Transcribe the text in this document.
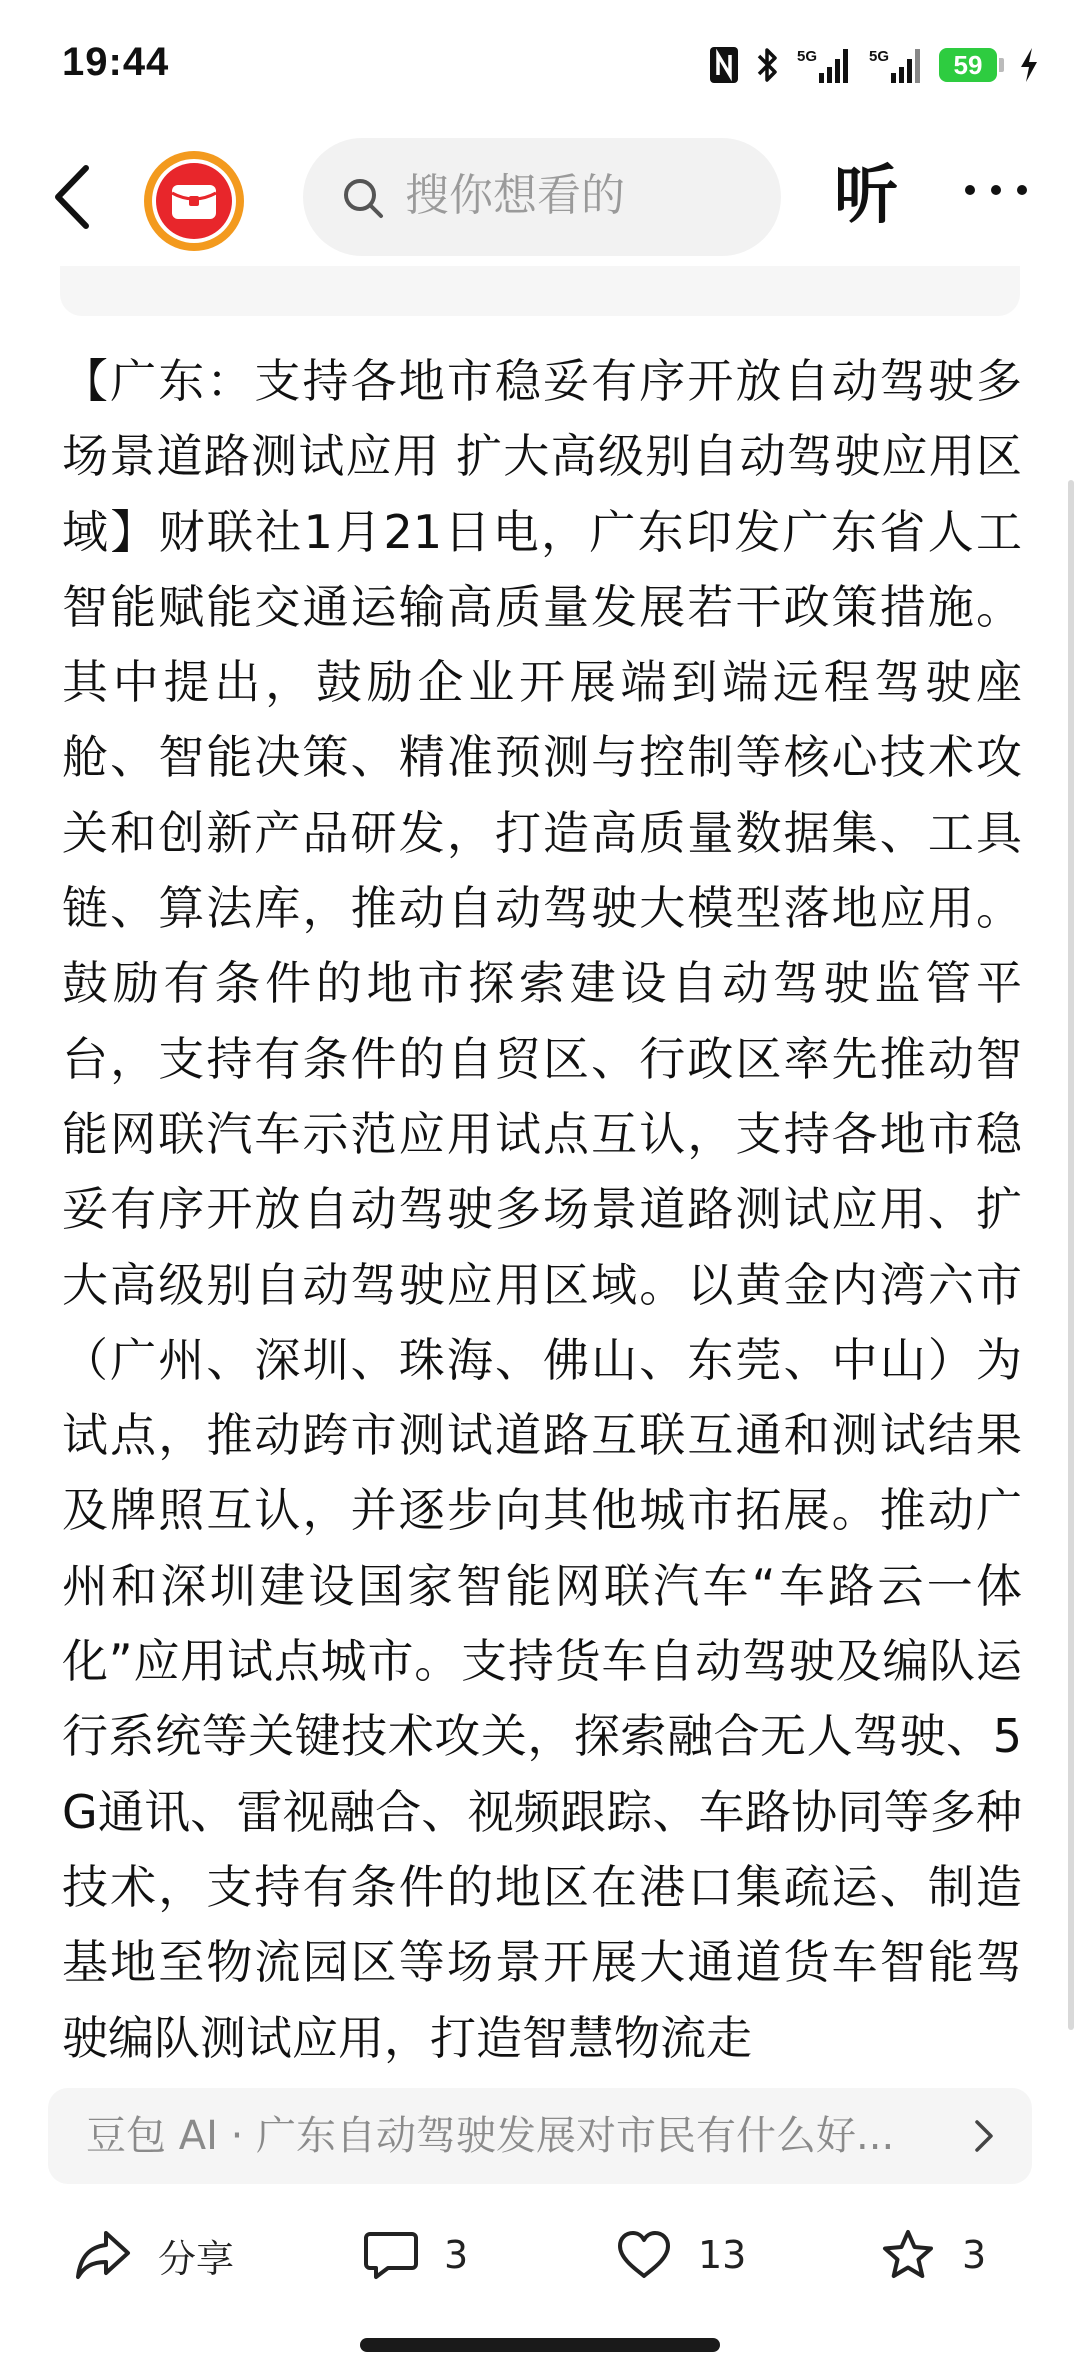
19:44	5G	5G	59
搜你想看的	听

【广东：支持各地市稳妥有序开放自动驾驶多场景道路测试应用 扩大高级别自动驾驶应用区域】财联社1月21日电，广东印发广东省人工智能赋能交通运输高质量发展若干政策措施。其中提出，鼓励企业开展端到端远程驾驶座舱、智能决策、精准预测与控制等核心技术攻关和创新产品研发，打造高质量数据集、工具链、算法库，推动自动驾驶大模型落地应用。鼓励有条件的地市探索建设自动驾驶监管平台，支持有条件的自贸区、行政区率先推动智能网联汽车示范应用试点互认，支持各地市稳妥有序开放自动驾驶多场景道路测试应用、扩大高级别自动驾驶应用区域。以黄金内湾六市（广州、深圳、珠海、佛山、东莞、中山）为试点，推动跨市测试道路互联互通和测试结果及牌照互认，并逐步向其他城市拓展。推动广州和深圳建设国家智能网联汽车“车路云一体化”应用试点城市。支持货车自动驾驶及编队运行系统等关键技术攻关，探索融合无人驾驶、5G通讯、雷视融合、视频跟踪、车路协同等多种技术，支持有条件的地区在港口集疏运、制造基地至物流园区等场景开展大通道货车智能驾驶编队测试应用，打造智慧物流走

豆包 AI · 广东自动驾驶发展对市民有什么好...
分享	3	13	3
